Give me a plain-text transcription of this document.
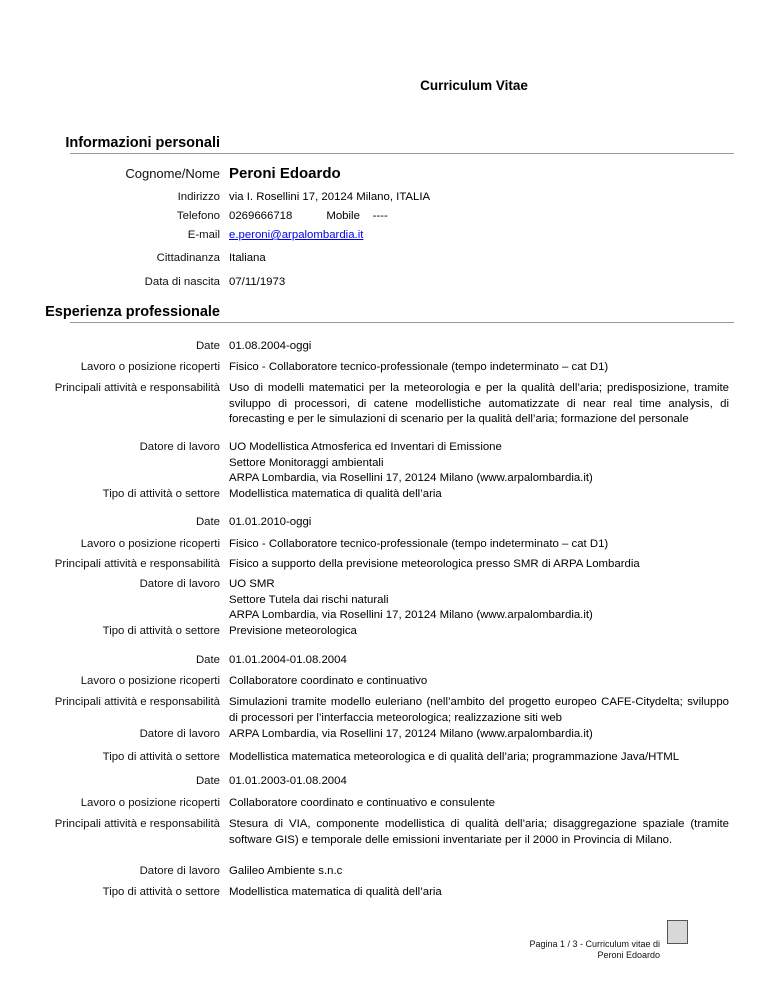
Curriculum Vitae
Informazioni personali
Cognome/Nome Peroni Edoardo
Indirizzo via I. Rosellini 17, 20124 Milano, ITALIA
Telefono 0269666718	Mobile ----
E-mail e.peroni@arpalombardia.it
Cittadinanza Italiana
Data di nascita 07/11/1973
Esperienza professionale
Date 01.08.2004-oggi
Lavoro o posizione ricoperti Fisico - Collaboratore tecnico-professionale (tempo indeterminato – cat D1)
Principali attività e responsabilità Uso di modelli matematici per la meteorologia e per la qualità dell’aria; predisposizione, tramite sviluppo di processori, di catene modellistiche automatizzate di near real time analysis, di forecasting e per le simulazioni di scenario per la qualità dell’aria; formazione del personale
Datore di lavoro UO Modellistica Atmosferica ed Inventari di Emissione
Settore Monitoraggi ambientali
ARPA Lombardia, via Rosellini 17, 20124 Milano (www.arpalombardia.it)
Tipo di attività o settore Modellistica matematica di qualità dell’aria
Date 01.01.2010-oggi
Lavoro o posizione ricoperti Fisico - Collaboratore tecnico-professionale (tempo indeterminato – cat D1)
Principali attività e responsabilità Fisico a supporto della previsione meteorologica presso SMR di ARPA Lombardia
Datore di lavoro UO SMR
Settore Tutela dai rischi naturali
ARPA Lombardia, via Rosellini 17, 20124 Milano (www.arpalombardia.it)
Tipo di attività o settore Previsione meteorologica
Date 01.01.2004-01.08.2004
Lavoro o posizione ricoperti Collaboratore coordinato e continuativo
Principali attività e responsabilità Simulazioni tramite modello euleriano (nell’ambito del progetto europeo CAFE-Citydelta; sviluppo di processori per l’interfaccia meteorologica; realizzazione siti web
Datore di lavoro ARPA Lombardia, via Rosellini 17, 20124 Milano (www.arpalombardia.it)
Tipo di attività o settore Modellistica matematica meteorologica e di qualità dell’aria; programmazione Java/HTML
Date 01.01.2003-01.08.2004
Lavoro o posizione ricoperti Collaboratore coordinato e continuativo e consulente
Principali attività e responsabilità Stesura di VIA, componente modellistica di qualità dell’aria; disaggregazione spaziale (tramite software GIS) e temporale delle emissioni inventariate per il 2000 in Provincia di Milano.
Datore di lavoro Galileo Ambiente s.n.c
Tipo di attività o settore Modellistica matematica di qualità dell’aria
Pagina 1 / 3 - Curriculum vitae di
Peroni Edoardo
